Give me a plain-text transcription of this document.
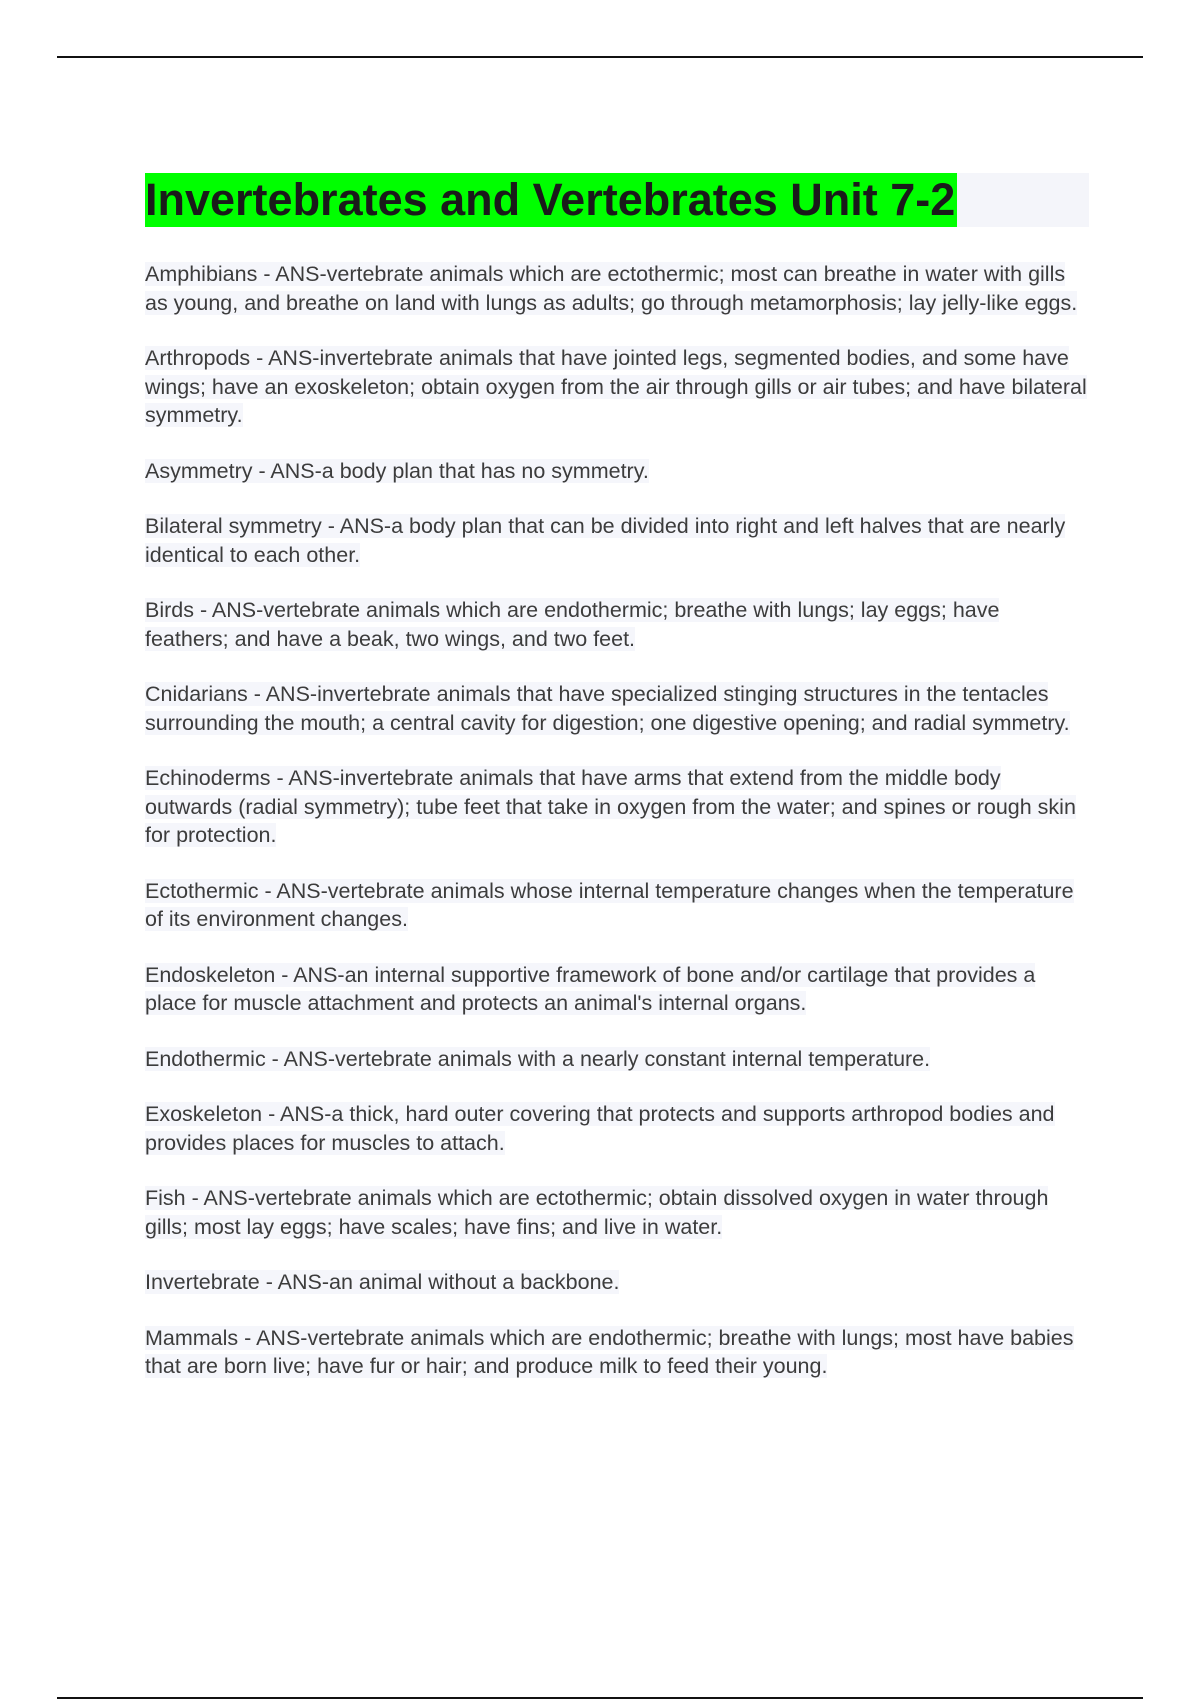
Invertebrates and Vertebrates Unit 7-2

Amphibians - ANS-vertebrate animals which are ectothermic; most can breathe in water with gills as young, and breathe on land with lungs as adults; go through metamorphosis; lay jelly-like eggs.

Arthropods - ANS-invertebrate animals that have jointed legs, segmented bodies, and some have wings; have an exoskeleton; obtain oxygen from the air through gills or air tubes; and have bilateral symmetry.

Asymmetry - ANS-a body plan that has no symmetry.

Bilateral symmetry - ANS-a body plan that can be divided into right and left halves that are nearly identical to each other.

Birds - ANS-vertebrate animals which are endothermic; breathe with lungs; lay eggs; have feathers; and have a beak, two wings, and two feet.

Cnidarians - ANS-invertebrate animals that have specialized stinging structures in the tentacles surrounding the mouth; a central cavity for digestion; one digestive opening; and radial symmetry.

Echinoderms - ANS-invertebrate animals that have arms that extend from the middle body outwards (radial symmetry); tube feet that take in oxygen from the water; and spines or rough skin for protection.

Ectothermic - ANS-vertebrate animals whose internal temperature changes when the temperature of its environment changes.

Endoskeleton - ANS-an internal supportive framework of bone and/or cartilage that provides a place for muscle attachment and protects an animal's internal organs.

Endothermic - ANS-vertebrate animals with a nearly constant internal temperature.

Exoskeleton - ANS-a thick, hard outer covering that protects and supports arthropod bodies and provides places for muscles to attach.

Fish - ANS-vertebrate animals which are ectothermic; obtain dissolved oxygen in water through gills; most lay eggs; have scales; have fins; and live in water.

Invertebrate - ANS-an animal without a backbone.

Mammals - ANS-vertebrate animals which are endothermic; breathe with lungs; most have babies that are born live; have fur or hair; and produce milk to feed their young.
